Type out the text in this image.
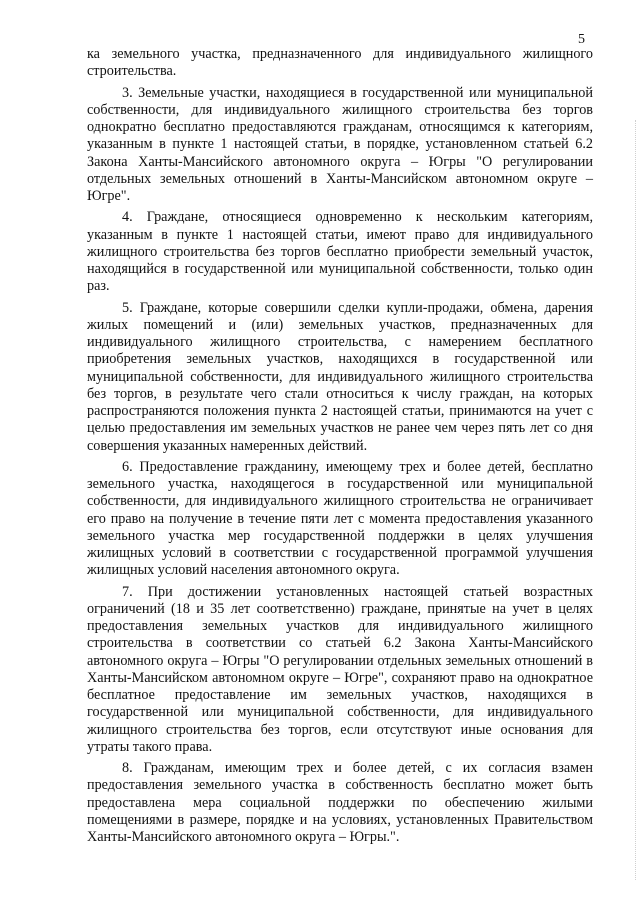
5

ка земельного участка, предназначенного для индивидуального жилищного строительства.

3. Земельные участки, находящиеся в государственной или муниципальной собственности, для индивидуального жилищного строительства без торгов однократно бесплатно предоставляются гражданам, относящимся к категориям, указанным в пункте 1 настоящей статьи, в порядке, установленном статьей 6.2 Закона Ханты-Мансийского автономного округа – Югры "О регулировании отдельных земельных отношений в Ханты-Мансийском автономном округе – Югре".

4. Граждане, относящиеся одновременно к нескольким категориям, указанным в пункте 1 настоящей статьи, имеют право для индивидуального жилищного строительства без торгов бесплатно приобрести земельный участок, находящийся в государственной или муниципальной собственности, только один раз.

5. Граждане, которые совершили сделки купли-продажи, обмена, дарения жилых помещений и (или) земельных участков, предназначенных для индивидуального жилищного строительства, с намерением бесплатного приобретения земельных участков, находящихся в государственной или муниципальной собственности, для индивидуального жилищного строительства без торгов, в результате чего стали относиться к числу граждан, на которых распространяются положения пункта 2 настоящей статьи, принимаются на учет с целью предоставления им земельных участков не ранее чем через пять лет со дня совершения указанных намеренных действий.

6. Предоставление гражданину, имеющему трех и более детей, бесплатно земельного участка, находящегося в государственной или муниципальной собственности, для индивидуального жилищного строительства не ограничивает его право на получение в течение пяти лет с момента предоставления указанного земельного участка мер государственной поддержки в целях улучшения жилищных условий в соответствии с государственной программой улучшения жилищных условий населения автономного округа.

7. При достижении установленных настоящей статьей возрастных ограничений (18 и 35 лет соответственно) граждане, принятые на учет в целях предоставления земельных участков для индивидуального жилищного строительства в соответствии со статьей 6.2 Закона Ханты-Мансийского автономного округа – Югры "О регулировании отдельных земельных отношений в Ханты-Мансийском автономном округе – Югре", сохраняют право на однократное бесплатное предоставление им земельных участков, находящихся в государственной или муниципальной собственности, для индивидуального жилищного строительства без торгов, если отсутствуют иные основания для утраты такого права.

8. Гражданам, имеющим трех и более детей, с их согласия взамен предоставления земельного участка в собственность бесплатно может быть предоставлена мера социальной поддержки по обеспечению жилыми помещениями в размере, порядке и на условиях, установленных Правительством Ханты-Мансийского автономного округа – Югры.".
